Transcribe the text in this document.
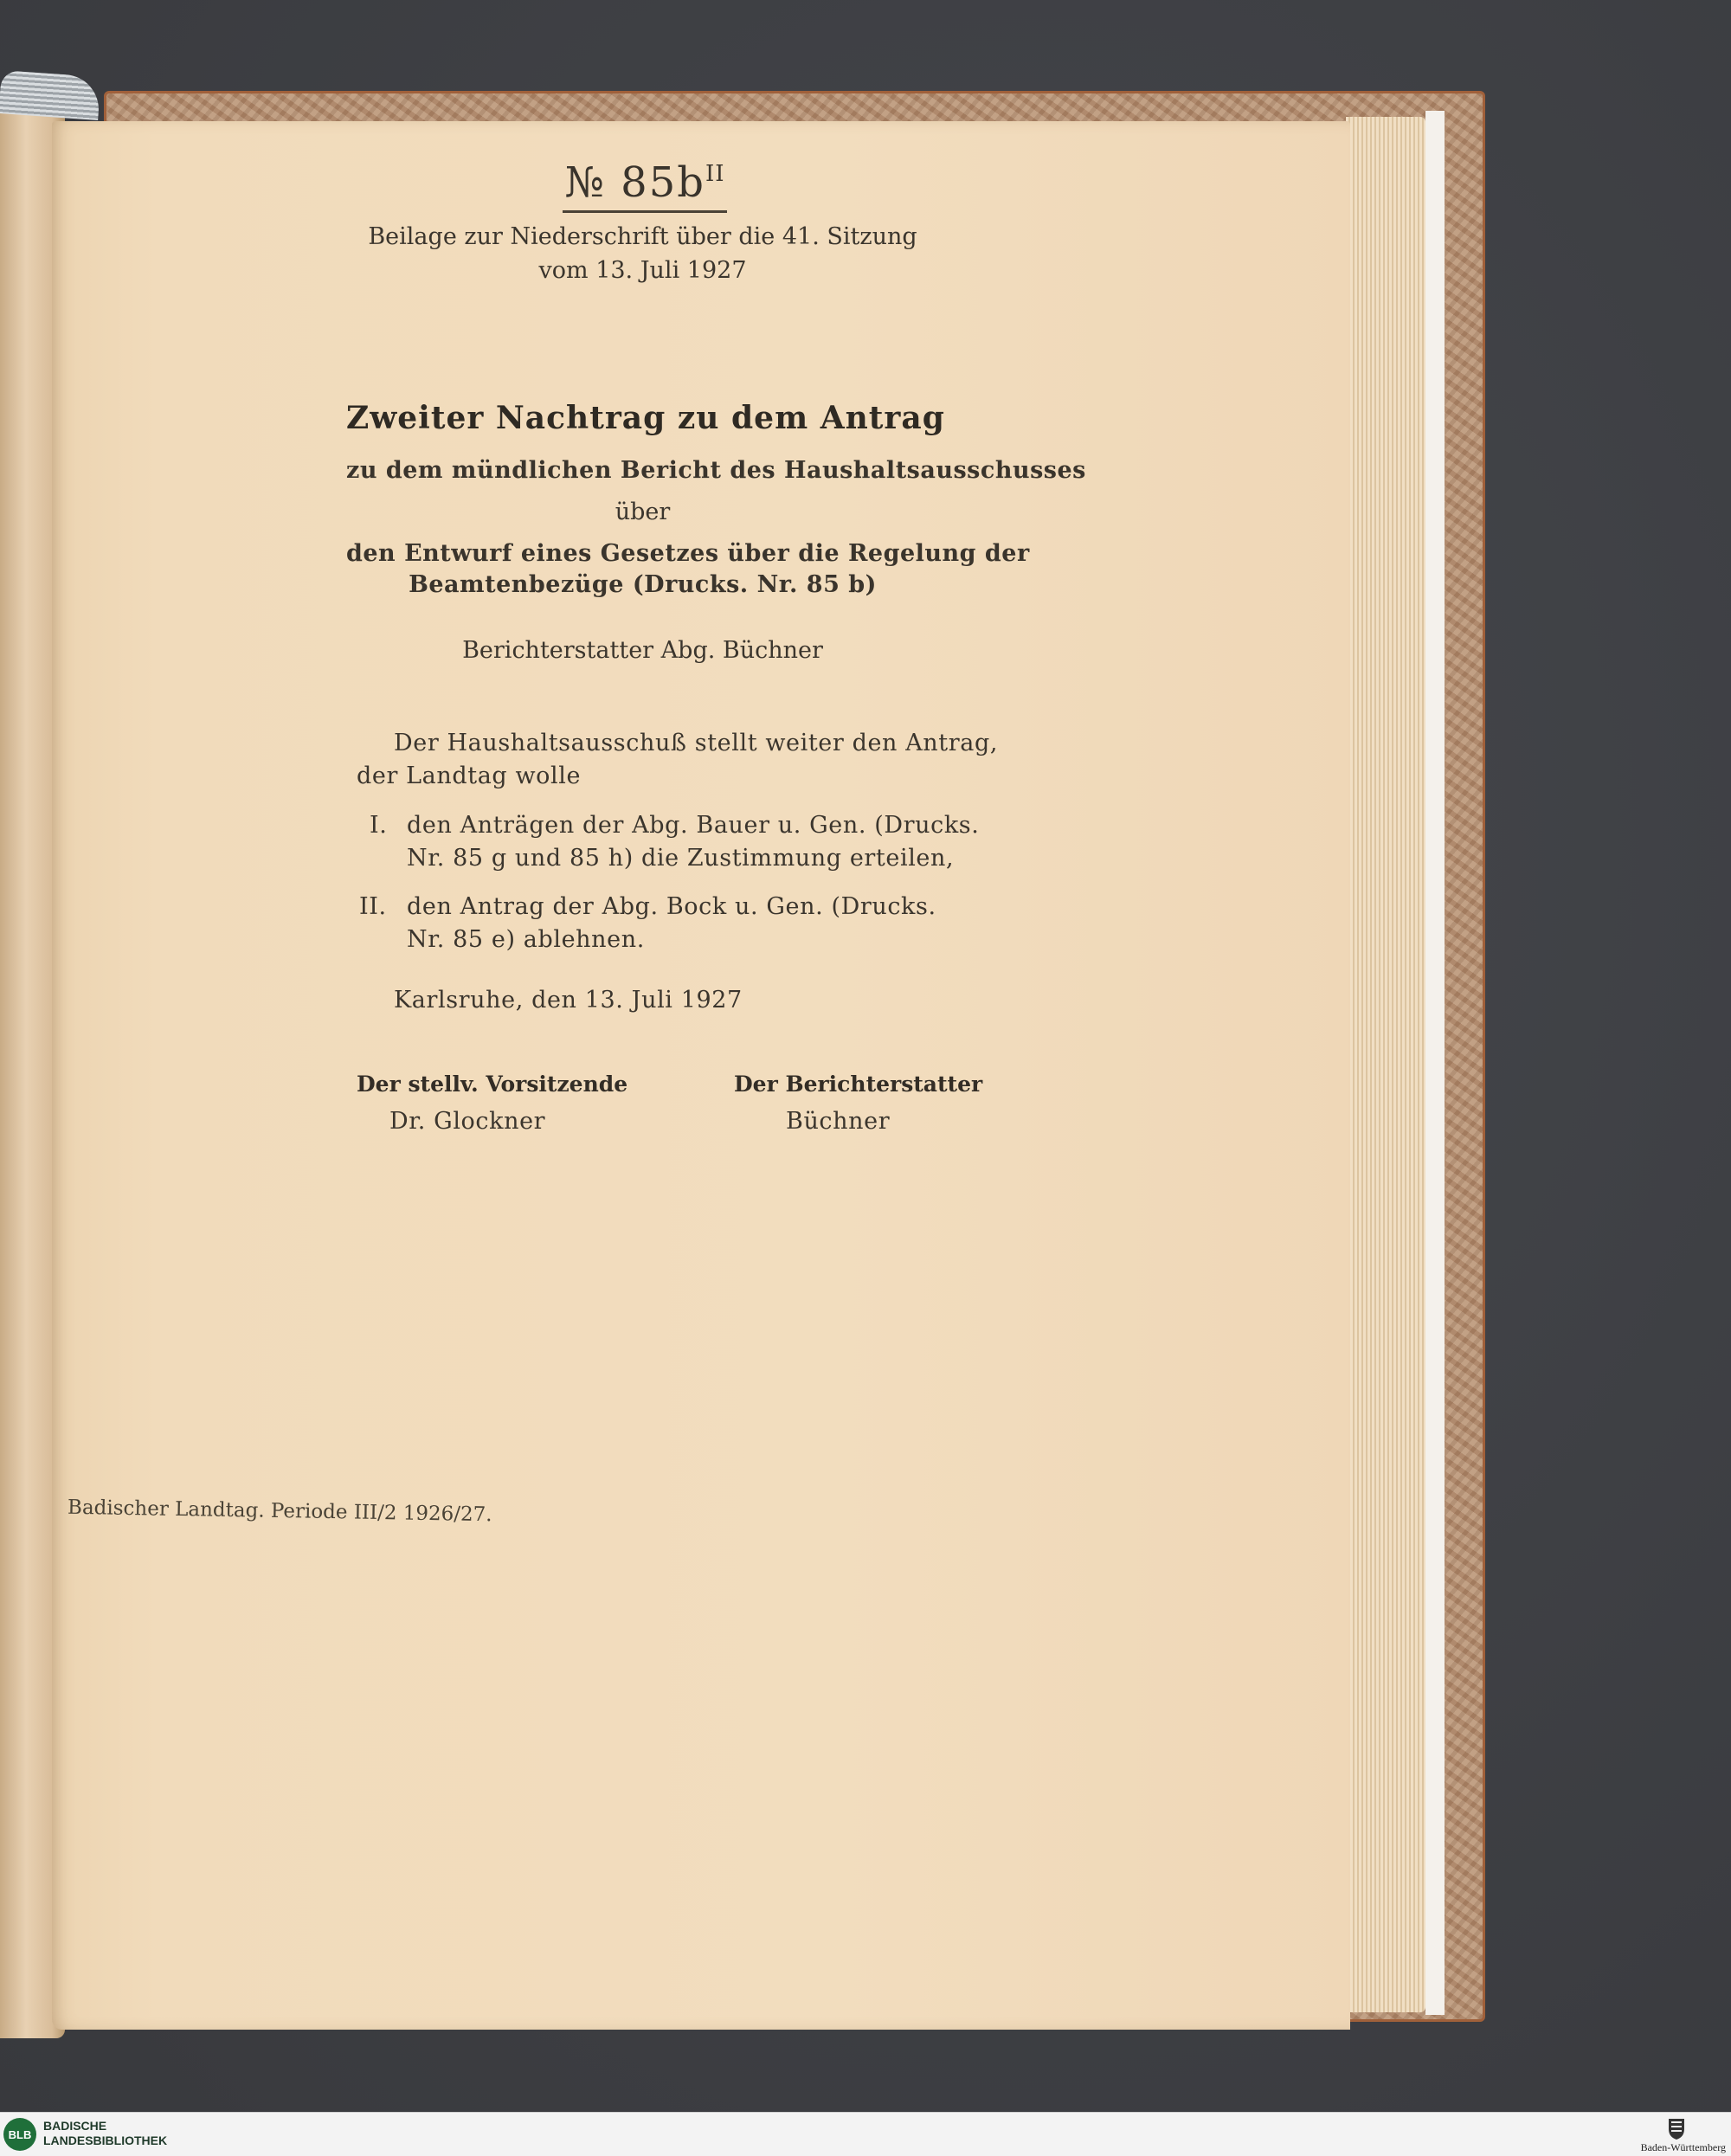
№ $85b^{II}$
Beilage zur Niederschrift über die 41. Sitzung
vom 13. Juli 1927
Zweiter Nachtrag zu dem Antrag
zu dem mündlichen Bericht des Haushaltsausschusses
über
den Entwurf eines Gesetzes über die Regelung der
Beamtenbezüge (Drucks. Nr. 85 b)
Berichterstatter Abg. Büchner
Der Haushaltsausschuß stellt weiter den Antrag,
der Landtag wolle
I. den Anträgen der Abg. Bauer u. Gen. (Drucks.
Nr. 85 g und 85 h) die Zustimmung erteilen,
II. den Antrag der Abg. Bock u. Gen. (Drucks.
Nr. 85 e) ablehnen.
Karlsruhe, den 13. Juli 1927
Der stellv. Vorsitzende
Dr. Glockner
Der Berichterstatter
Büchner
Badischer Landtag. Periode III/2 1926/27.
BLB
BADISCHE
LANDESBIBLIOTHEK	Baden-Württemberg
